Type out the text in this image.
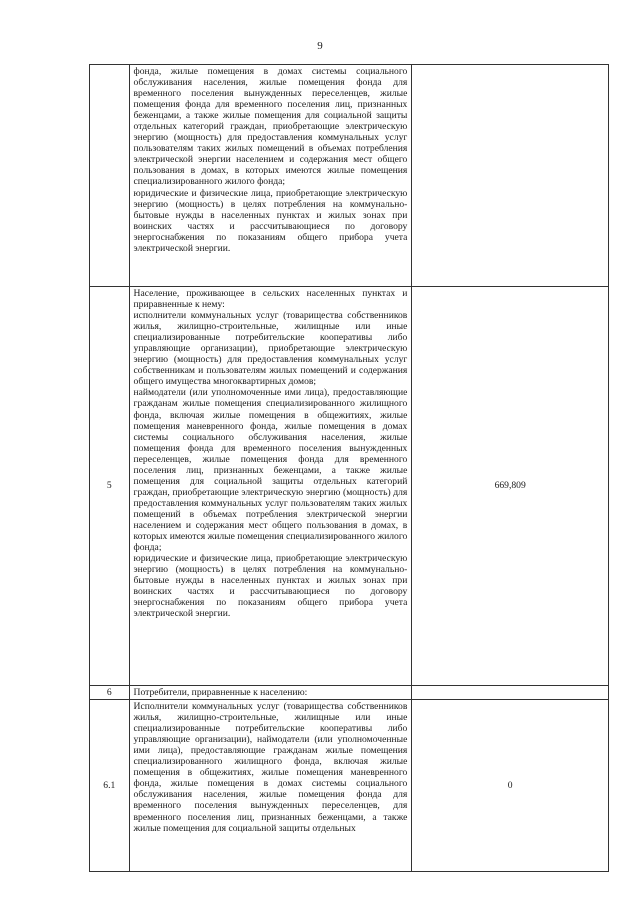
9

	фонда, жилые помещения в домах системы социального обслуживания населения, жилые помещения фонда для временного поселения вынужденных переселенцев, жилые помещения фонда для временного поселения лиц, признанных беженцами, а также жилые помещения для социальной защиты отдельных категорий граждан, приобретающие электрическую энергию (мощность) для предоставления коммунальных услуг пользователям таких жилых помещений в объемах потребления электрической энергии населением и содержания мест общего пользования в домах, в которых имеются жилые помещения специализированного жилого фонда;
юридические и физические лица, приобретающие электрическую энергию (мощность) в целях потребления на коммунально-бытовые нужды в населенных пунктах и жилых зонах при воинских частях и рассчитывающиеся по договору энергоснабжения по показаниям общего прибора учета электрической энергии.	

5	Население, проживающее в сельских населенных пунктах и приравненные к нему:
исполнители коммунальных услуг (товарищества собственников жилья, жилищно-строительные, жилищные или иные специализированные потребительские кооперативы либо управляющие организации), приобретающие электрическую энергию (мощность) для предоставления коммунальных услуг собственникам и пользователям жилых помещений и содержания общего имущества многоквартирных домов;
наймодатели (или уполномоченные ими лица), предоставляющие гражданам жилые помещения специализированного жилищного фонда, включая жилые помещения в общежитиях, жилые помещения маневренного фонда, жилые помещения в домах системы социального обслуживания населения, жилые помещения фонда для временного поселения вынужденных переселенцев, жилые помещения фонда для временного поселения лиц, признанных беженцами, а также жилые помещения для социальной защиты отдельных категорий граждан, приобретающие электрическую энергию (мощность) для предоставления коммунальных услуг пользователям таких жилых помещений в объемах потребления электрической энергии населением и содержания мест общего пользования в домах, в которых имеются жилые помещения специализированного жилого фонда;
юридические и физические лица, приобретающие электрическую энергию (мощность) в целях потребления на коммунально-бытовые нужды в населенных пунктах и жилых зонах при воинских частях и рассчитывающиеся по договору энергоснабжения по показаниям общего прибора учета электрической энергии.	669,809
6	Потребители, приравненные к населению:	

6.1	Исполнители коммунальных услуг (товарищества собственников жилья, жилищно-строительные, жилищные или иные специализированные потребительские кооперативы либо управляющие организации), наймодатели (или уполномоченные ими лица), предоставляющие гражданам жилые помещения специализированного жилищного фонда, включая жилые помещения в общежитиях, жилые помещения маневренного фонда, жилые помещения в домах системы социального обслуживания населения, жилые помещения фонда для временного поселения вынужденных переселенцев, для временного поселения лиц, признанных беженцами, а также жилые помещения для социальной защиты отдельных	0
